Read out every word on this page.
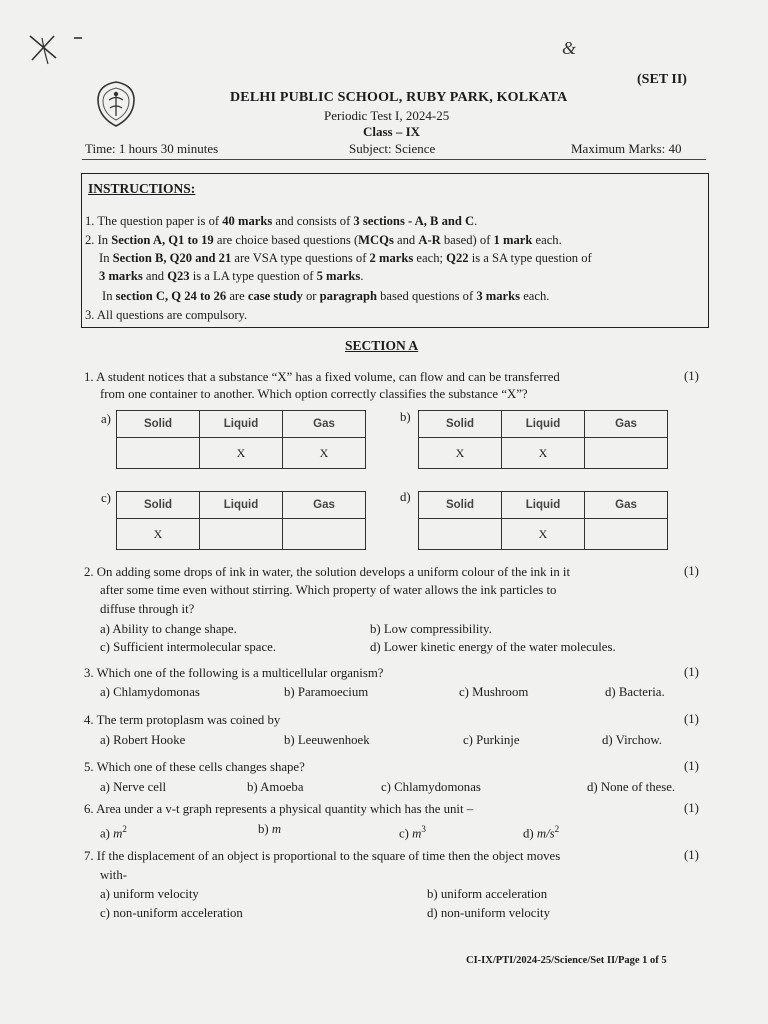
&
(SET II)
DELHI PUBLIC SCHOOL, RUBY PARK, KOLKATA
Periodic Test I, 2024-25
Class – IX
Time: 1 hours 30 minutes	Subject: Science	Maximum Marks: 40
INSTRUCTIONS:
1. The question paper is of 40 marks and consists of 3 sections - A, B and C.
2. In Section A, Q1 to 19 are choice based questions (MCQs and A-R based) of 1 mark each.
In Section B, Q20 and 21 are VSA type questions of 2 marks each; Q22 is a SA type question of
3 marks and Q23 is a LA type question of 5 marks.
In section C, Q 24 to 26 are case study or paragraph based questions of 3 marks each.
3. All questions are compulsory.
SECTION A
1. A student notices that a substance “X” has a fixed volume, can flow and can be transferred	(1)
from one container to another. Which option correctly classifies the substance “X”?
a)	Solid	Liquid	Gas
	X	X
b)	Solid	Liquid	Gas
X	X	
c)	Solid	Liquid	Gas
X		
d)
Solid	Liquid	Gas
	X	
2. On adding some drops of ink in water, the solution develops a uniform colour of the ink in it	(1)
after some time even without stirring. Which property of water allows the ink particles to
diffuse through it?
a) Ability to change shape.	b) Low compressibility.
c) Sufficient intermolecular space.	d) Lower kinetic energy of the water molecules.
3. Which one of the following is a multicellular organism?	(1)
a) Chlamydomonas	b) Paramoecium	c) Mushroom	d) Bacteria.
4. The term protoplasm was coined by	(1)
a) Robert Hooke	b) Leeuwenhoek	c) Purkinje	d) Virchow.
5. Which one of these cells changes shape?	(1)
a) Nerve cell	b) Amoeba	c) Chlamydomonas	d) None of these.
6. Area under a v-t graph represents a physical quantity which has the unit –	(1)
a) $m^2$	b) m	c) $m^3$	d) $m/s^2$
7. If the displacement of an object is proportional to the square of time then the object moves	(1)
with-
a) uniform velocity	b) uniform acceleration
c) non-uniform acceleration	d) non-uniform velocity
CI-IX/PTI/2024-25/Science/Set II/Page 1 of 5
